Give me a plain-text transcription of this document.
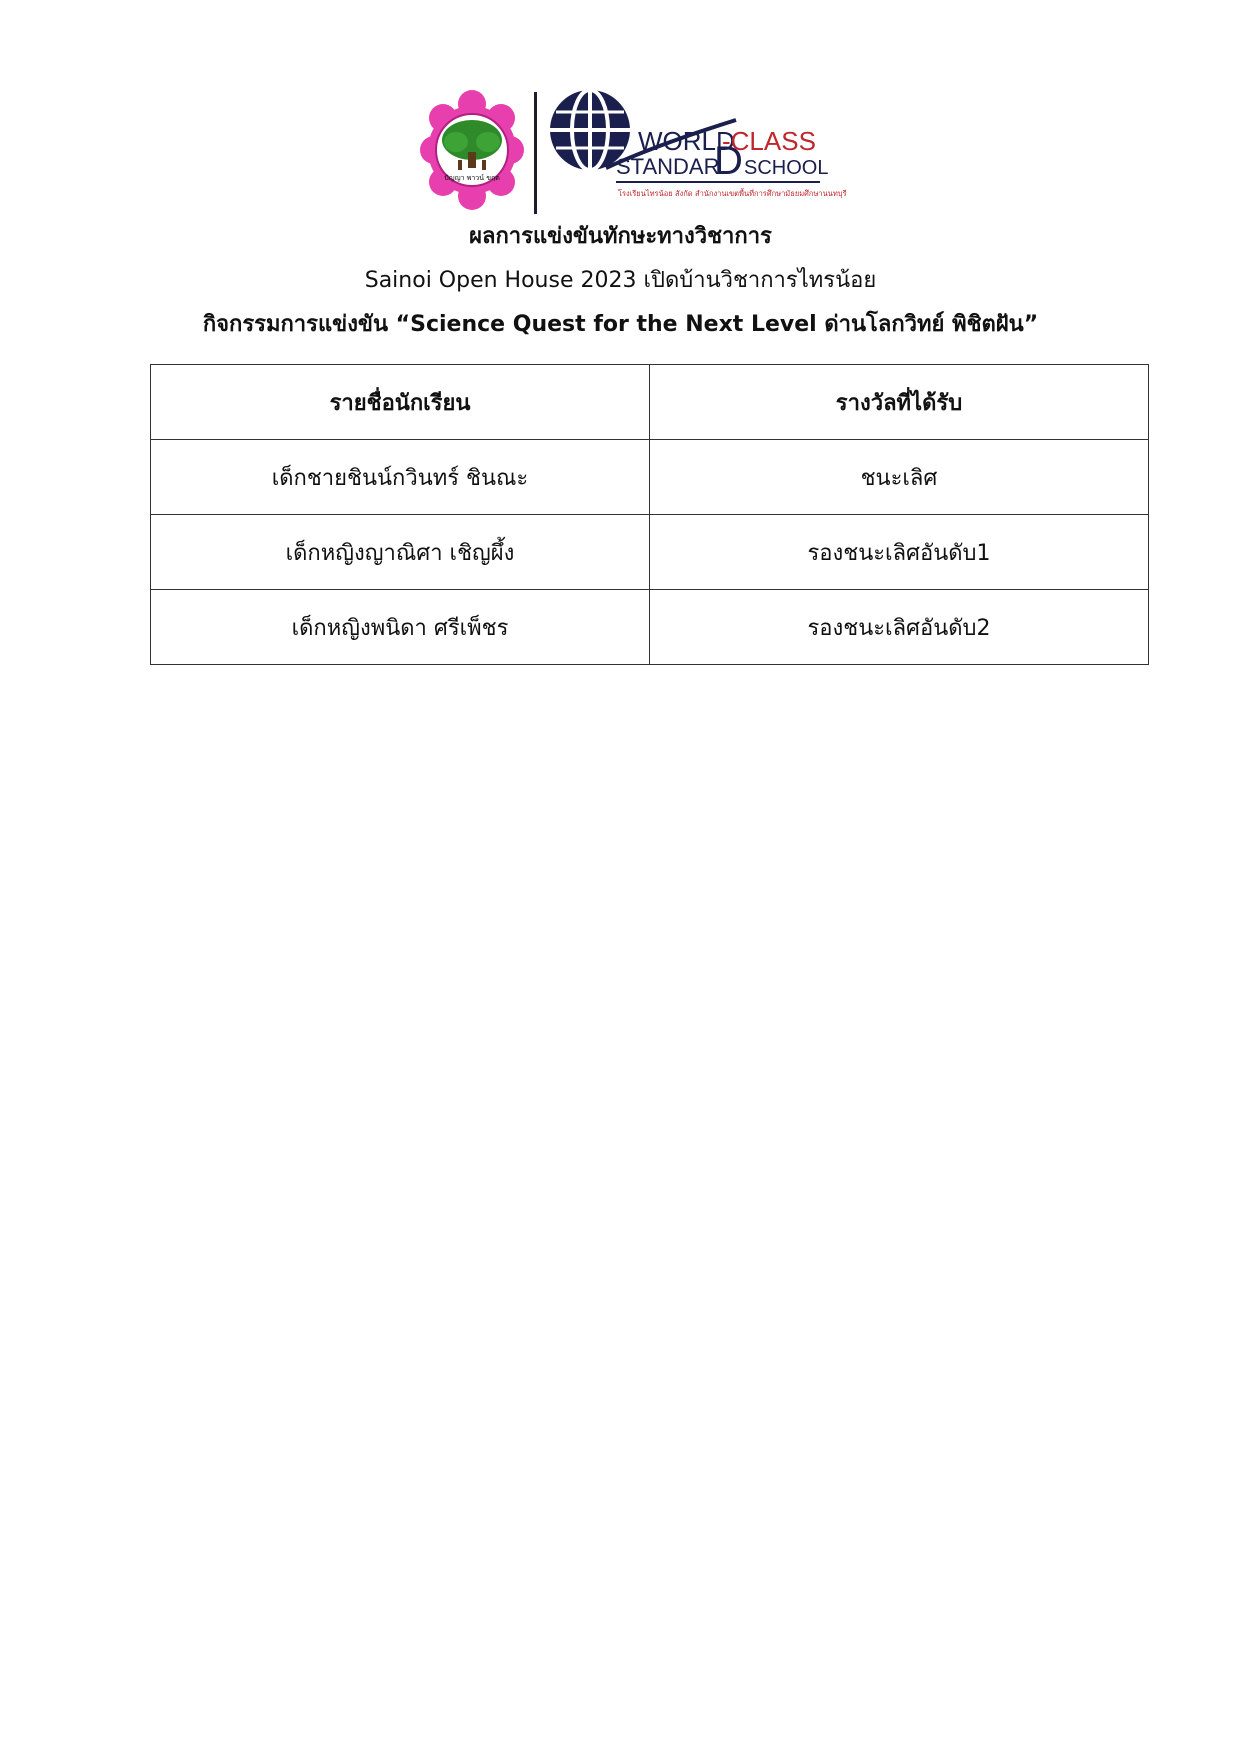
ปัญญา พาวน์ ขฤต
WORLD
-CLASS
STANDAR
D SCHOOL
โรงเรียนไทรน้อย สังกัด สำนักงานเขตพื้นที่การศึกษามัธยมศึกษานนทบุรี
ผลการแข่งขันทักษะทางวิชาการ
Sainoi Open House 2023 เปิดบ้านวิชาการไทรน้อย
กิจกรรมการแข่งขัน “Science Quest for the Next Level ด่านโลกวิทย์ พิชิตฝัน”
รายชื่อนักเรียน	รางวัลที่ได้รับ
เด็กชายชินน์กวินทร์ ชินณะ	ชนะเลิศ
เด็กหญิงญาณิศา เชิญผึ้ง	รองชนะเลิศอันดับ1
เด็กหญิงพนิดา ศรีเพ็ชร	รองชนะเลิศอันดับ2
